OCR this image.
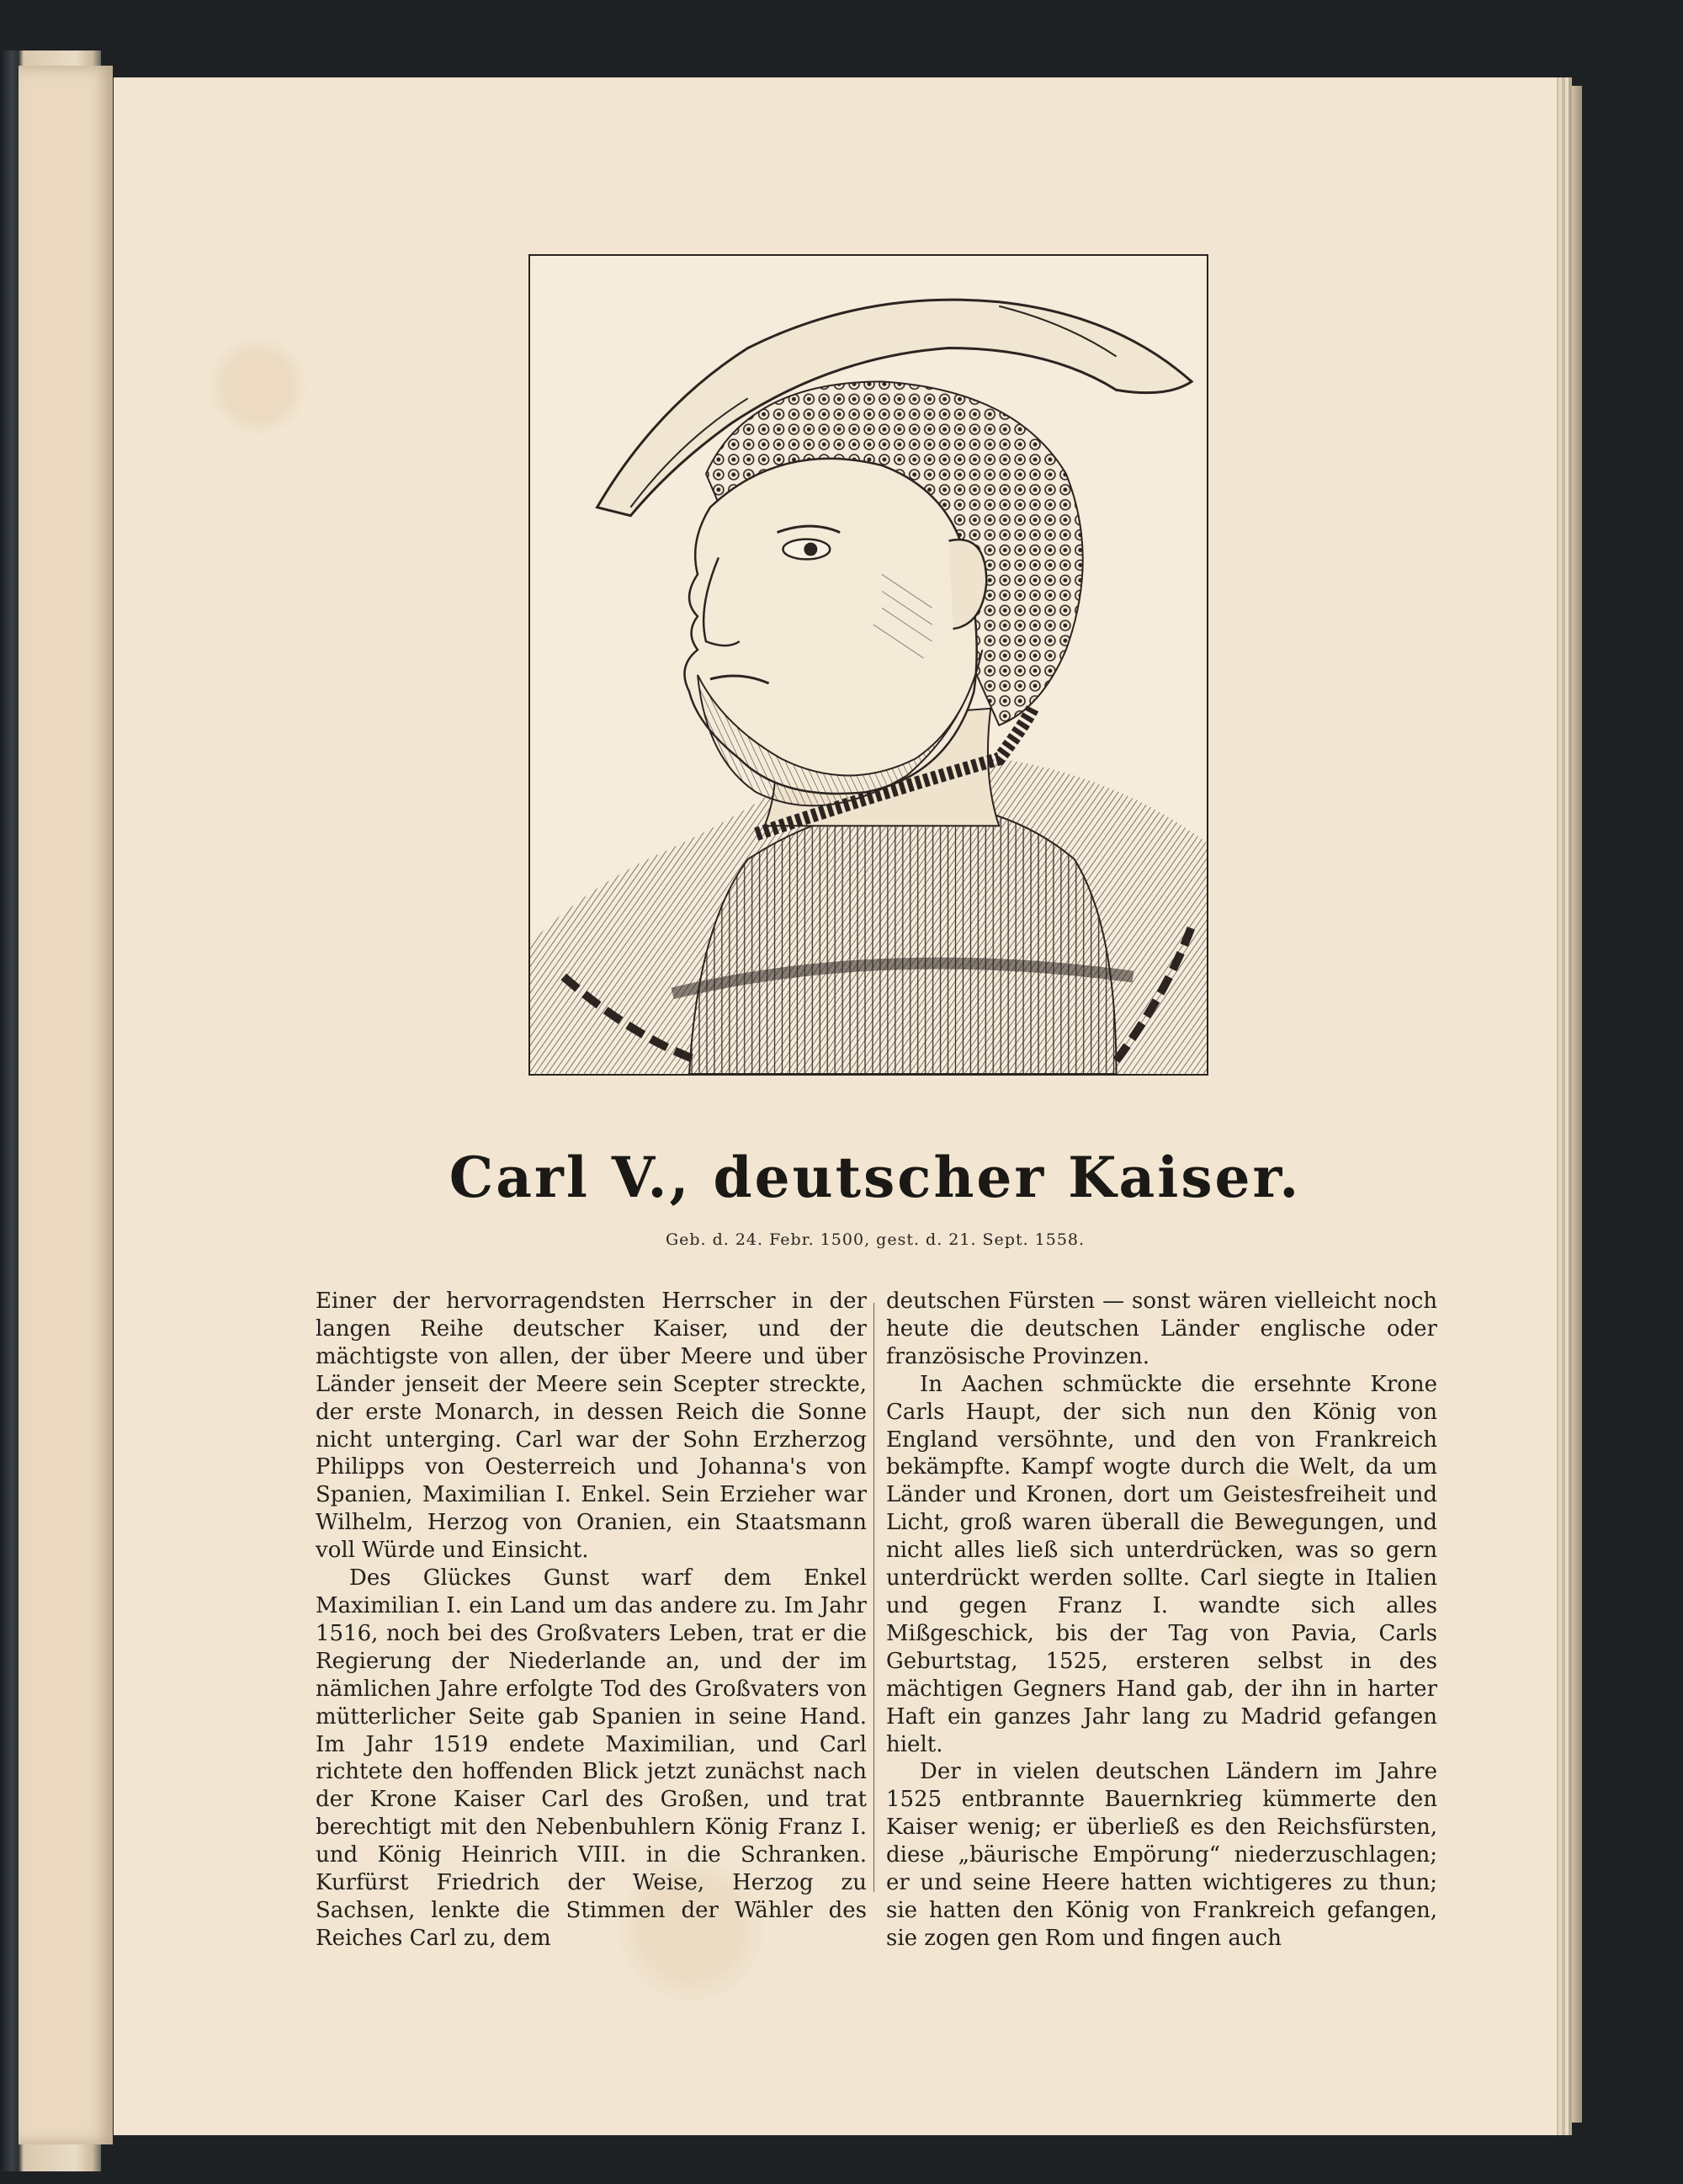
Carl V., deutscher Kaiser.
Geb. d. 24. Febr. 1500, gest. d. 21. Sept. 1558.

Einer der hervorragendsten Herrscher in der langen Reihe deutscher Kaiser, und der mächtigste von allen, der über Meere und über Länder jenseit der Meere sein Scepter streckte, der erste Monarch, in dessen Reich die Sonne nicht unterging. Carl war der Sohn Erzherzog Philipps von Oesterreich und Johanna's von Spanien, Maximilian I. Enkel. Sein Erzieher war Wilhelm, Herzog von Oranien, ein Staatsmann voll Würde und Einsicht.

Des Glückes Gunst warf dem Enkel Maximilian I. ein Land um das andere zu. Im Jahr 1516, noch bei des Großvaters Leben, trat er die Regierung der Niederlande an, und der im nämlichen Jahre erfolgte Tod des Großvaters von mütterlicher Seite gab Spanien in seine Hand. Im Jahr 1519 endete Maximilian, und Carl richtete den hoffenden Blick jetzt zunächst nach der Krone Kaiser Carl des Großen, und trat berechtigt mit den Nebenbuhlern König Franz I. und König Heinrich VIII. in die Schranken. Kurfürst Friedrich der Weise, Herzog zu Sachsen, lenkte die Stimmen der Wähler des Reiches Carl zu, dem

deutschen Fürsten — sonst wären vielleicht noch heute die deutschen Länder englische oder französische Provinzen.

In Aachen schmückte die ersehnte Krone Carls Haupt, der sich nun den König von England versöhnte, und den von Frankreich bekämpfte. Kampf wogte durch die Welt, da um Länder und Kronen, dort um Geistesfreiheit und Licht, groß waren überall die Bewegungen, und nicht alles ließ sich unterdrücken, was so gern unterdrückt werden sollte. Carl siegte in Italien und gegen Franz I. wandte sich alles Mißgeschick, bis der Tag von Pavia, Carls Geburtstag, 1525, ersteren selbst in des mächtigen Gegners Hand gab, der ihn in harter Haft ein ganzes Jahr lang zu Madrid gefangen hielt.

Der in vielen deutschen Ländern im Jahre 1525 entbrannte Bauernkrieg kümmerte den Kaiser wenig; er überließ es den Reichsfürsten, diese „bäurische Empörung“ niederzuschlagen; er und seine Heere hatten wichtigeres zu thun; sie hatten den König von Frankreich gefangen, sie zogen gen Rom und fingen auch
